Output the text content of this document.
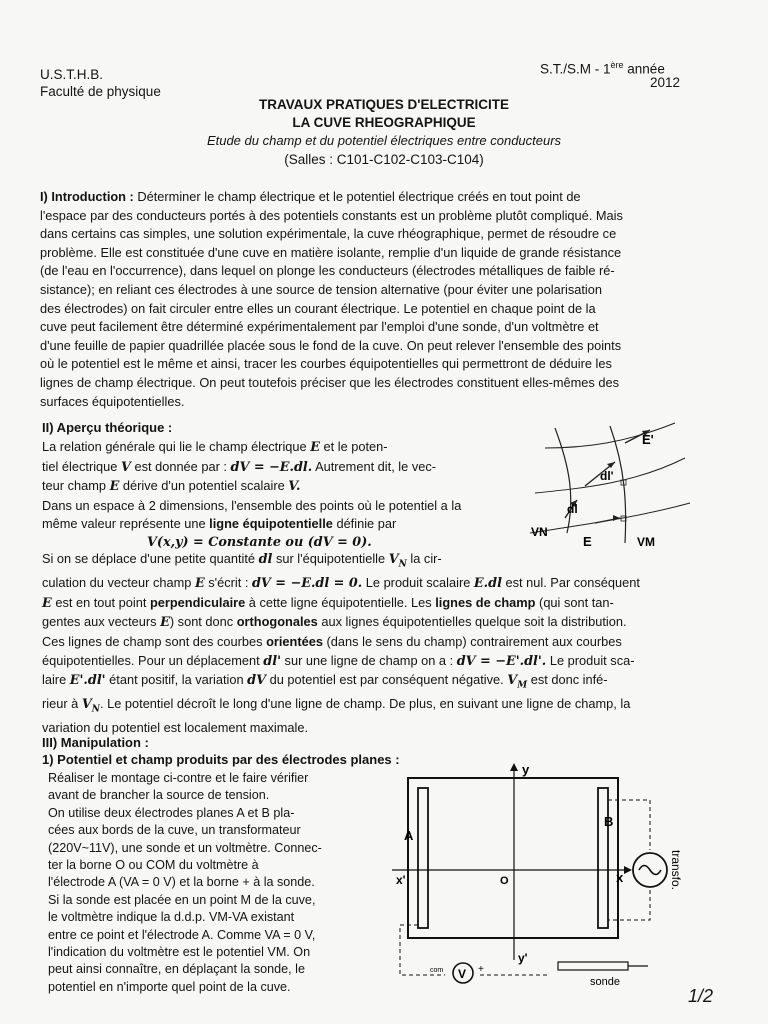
U.S.T.H.B.
Faculté de physique
S.T./S.M - 1ère année
2012
TRAVAUX PRATIQUES D'ELECTRICITE
LA CUVE RHEOGRAPHIQUE
Etude du champ et du potentiel électriques entre conducteurs
(Salles : C101-C102-C103-C104)
I) Introduction : Déterminer le champ électrique et le potentiel électrique créés en tout point de
l'espace par des conducteurs portés à des potentiels constants est un problème plutôt compliqué. Mais
dans certains cas simples, une solution expérimentale, la cuve rhéographique, permet de résoudre ce
problème. Elle est constituée d'une cuve en matière isolante, remplie d'un liquide de grande résistance
(de l'eau en l'occurrence), dans lequel on plonge les conducteurs (électrodes métalliques de faible ré-
sistance); en reliant ces électrodes à une source de tension alternative (pour éviter une polarisation
des électrodes) on fait circuler entre elles un courant électrique. Le potentiel en chaque point de la
cuve peut facilement être déterminé expérimentalement par l'emploi d'une sonde, d'un voltmètre et
d'une feuille de papier quadrillée placée sous le fond de la cuve. On peut relever l'ensemble des points
où le potentiel est le même et ainsi, tracer les courbes équipotentielles qui permettront de déduire les
lignes de champ électrique. On peut toutefois préciser que les électrodes constituent elles-mêmes des
surfaces équipotentielles.
II) Aperçu théorique :
La relation générale qui lie le champ électrique E et le poten-
tiel électrique V est donnée par : dV = −E.dl. Autrement dit, le vec-
teur champ E dérive d'un potentiel scalaire V.
Dans un espace à 2 dimensions, l'ensemble des points où le potentiel a la
même valeur représente une ligne équipotentielle définie par
V(x,y) = Constante ou (dV = 0).
E'
dl'
dl
VN
E	VM
Si on se déplace d'une petite quantité dl sur l'équipotentielle $V_N$ la cir-
culation du vecteur champ E s'écrit : dV = −E.dl = 0. Le produit scalaire E.dl est nul. Par conséquent
E est en tout point perpendiculaire à cette ligne équipotentielle. Les lignes de champ (qui sont tan-
gentes aux vecteurs E) sont donc orthogonales aux lignes équipotentielles quelque soit la distribution.
Ces lignes de champ sont des courbes orientées (dans le sens du champ) contrairement aux courbes
équipotentielles. Pour un déplacement dl' sur une ligne de champ on a : dV = −E'.dl'. Le produit sca-
laire E'.dl' étant positif, la variation dV du potentiel est par conséquent négative. $V_M$ est donc infé-
rieur à $V_N$. Le potentiel décroît le long d'une ligne de champ. De plus, en suivant une ligne de champ, la
variation du potentiel est localement maximale.
III) Manipulation :
1) Potentiel et champ produits par des électrodes planes :
Réaliser le montage ci-contre et le faire vérifier
avant de brancher la source de tension.
On utilise deux électrodes planes A et B pla-
cées aux bords de la cuve, un transformateur
(220V~11V), une sonde et un voltmètre. Connec-
ter la borne O ou COM du voltmètre à
l'électrode A (VA = 0 V) et la borne + à la sonde.
Si la sonde est placée en un point M de la cuve,
le voltmètre indique la d.d.p. VM-VA existant
entre ce point et l'électrode A. Comme VA = 0 V,
l'indication du voltmètre est le potentiel VM. On
peut ainsi connaître, en déplaçant la sonde, le
potentiel en n'importe quel point de la cuve.
V
y
y'
x
x'
A
B
O	transfo.
com	+
sonde
1/2
